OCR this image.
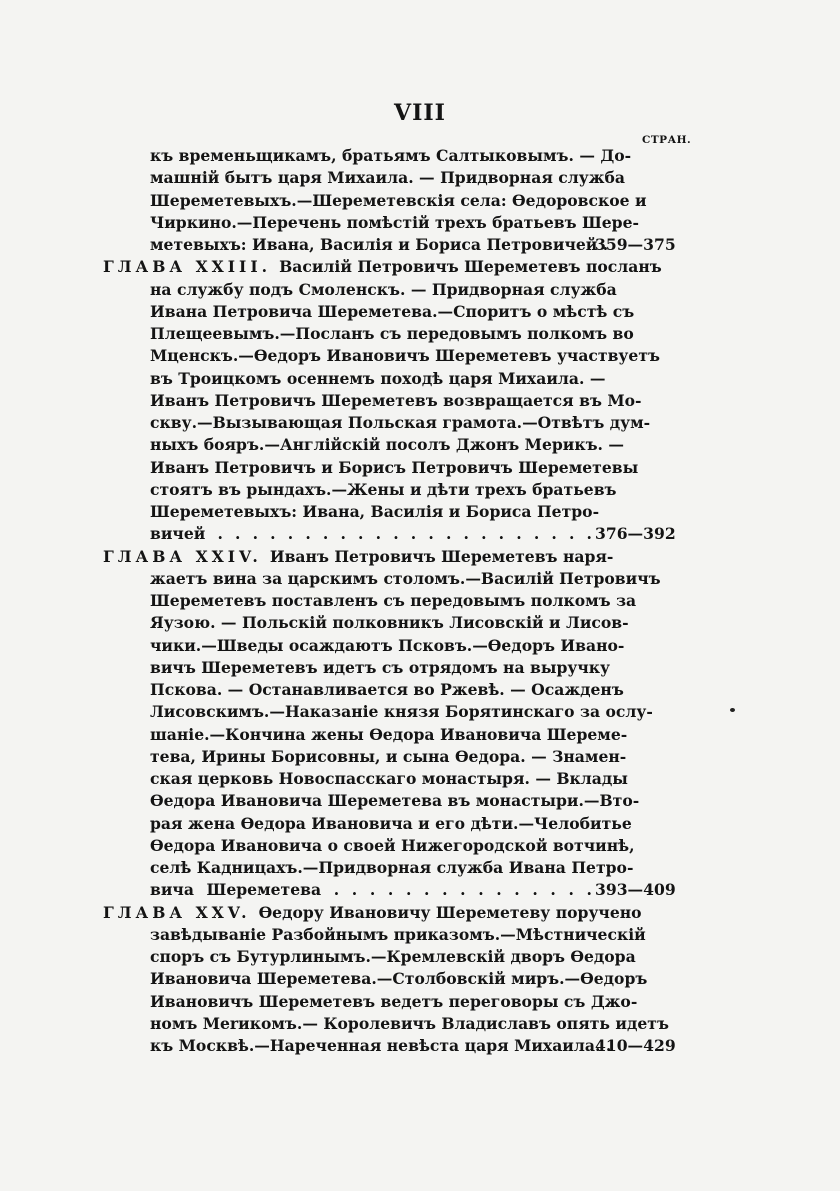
VIII
СТРАН.
къ временьщикамъ, братьямъ Салтыковымъ. — До-
машній бытъ царя Михаила. — Придворная служба
Шереметевыхъ.—Шереметевскія села: Өедоровское и
Чиркино.—Перечень помѣстій трехъ братьевъ Шере-
метевыхъ: Ивана, Василія и Бориса Петровичей .
359—375
ГЛАВА XXIII. Василій Петровичъ Шереметевъ посланъ
на службу подъ Смоленскъ. — Придворная служба
Ивана Петровича Шереметева.—Споритъ о мѣстѣ съ
Плещеевымъ.—Посланъ съ передовымъ полкомъ во
Мценскъ.—Өедоръ Ивановичъ Шереметевъ участвуетъ
въ Троицкомъ осеннемъ походѣ царя Михаила. —
Иванъ Петровичъ Шереметевъ возвращается въ Мо-
скву.—Вызывающая Польская грамота.—Отвѣтъ дум-
ныхъ бояръ.—Англійскій посолъ Джонъ Мерикъ. —
Иванъ Петровичъ и Борисъ Петровичъ Шереметевы
стоятъ въ рындахъ.—Жены и дѣти трехъ братьевъ
Шереметевыхъ: Ивана, Василія и Бориса Петро-
вичей . . . . . . . . . . . . . . . . . . . . . . 376—392
ГЛАВА XXIV. Иванъ Петровичъ Шереметевъ наря-
жаетъ вина за царскимъ столомъ.—Василій Петровичъ
Шереметевъ поставленъ съ передовымъ полкомъ за
Яузою. — Польскій полковникъ Лисовскій и Лисов-
чики.—Шведы осаждаютъ Псковъ.—Өедоръ Ивано-
вичъ Шереметевъ идетъ съ отрядомъ на выручку
Пскова. — Останавливается во Ржевѣ. — Осажденъ
Лисовскимъ.—Наказаніе князя Борятинскаго за ослу-
шаніе.—Кончина жены Өедора Ивановича Шереме-
тева, Ирины Борисовны, и сына Өедора. — Знамен-
ская церковь Новоспасскаго монастыря. — Вклады
Өедора Ивановича Шереметева въ монастыри.—Вто-
рая жена Өедора Ивановича и его дѣти.—Челобитье
Өедора Ивановича о своей Нижегородской вотчинѣ,
селѣ Кадницахъ.—Придворная служба Ивана Петро-
вича Шереметева . . . . . . . . . . . . . . . 393—409
ГЛАВА XXV. Өедору Ивановичу Шереметеву поручено
завѣдываніе Разбойнымъ приказомъ.—Мѣстническій
споръ съ Бутурлинымъ.—Кремлевскій дворъ Өедора
Ивановича Шереметева.—Столбовскій миръ.—Өедоръ
Ивановичъ Шереметевъ ведетъ переговоры съ Джо-
номъ Merикомъ.— Королевичъ Владиславъ опять идетъ
къ Москвѣ.—Нареченная невѣста царя Михаила. .
410—429
